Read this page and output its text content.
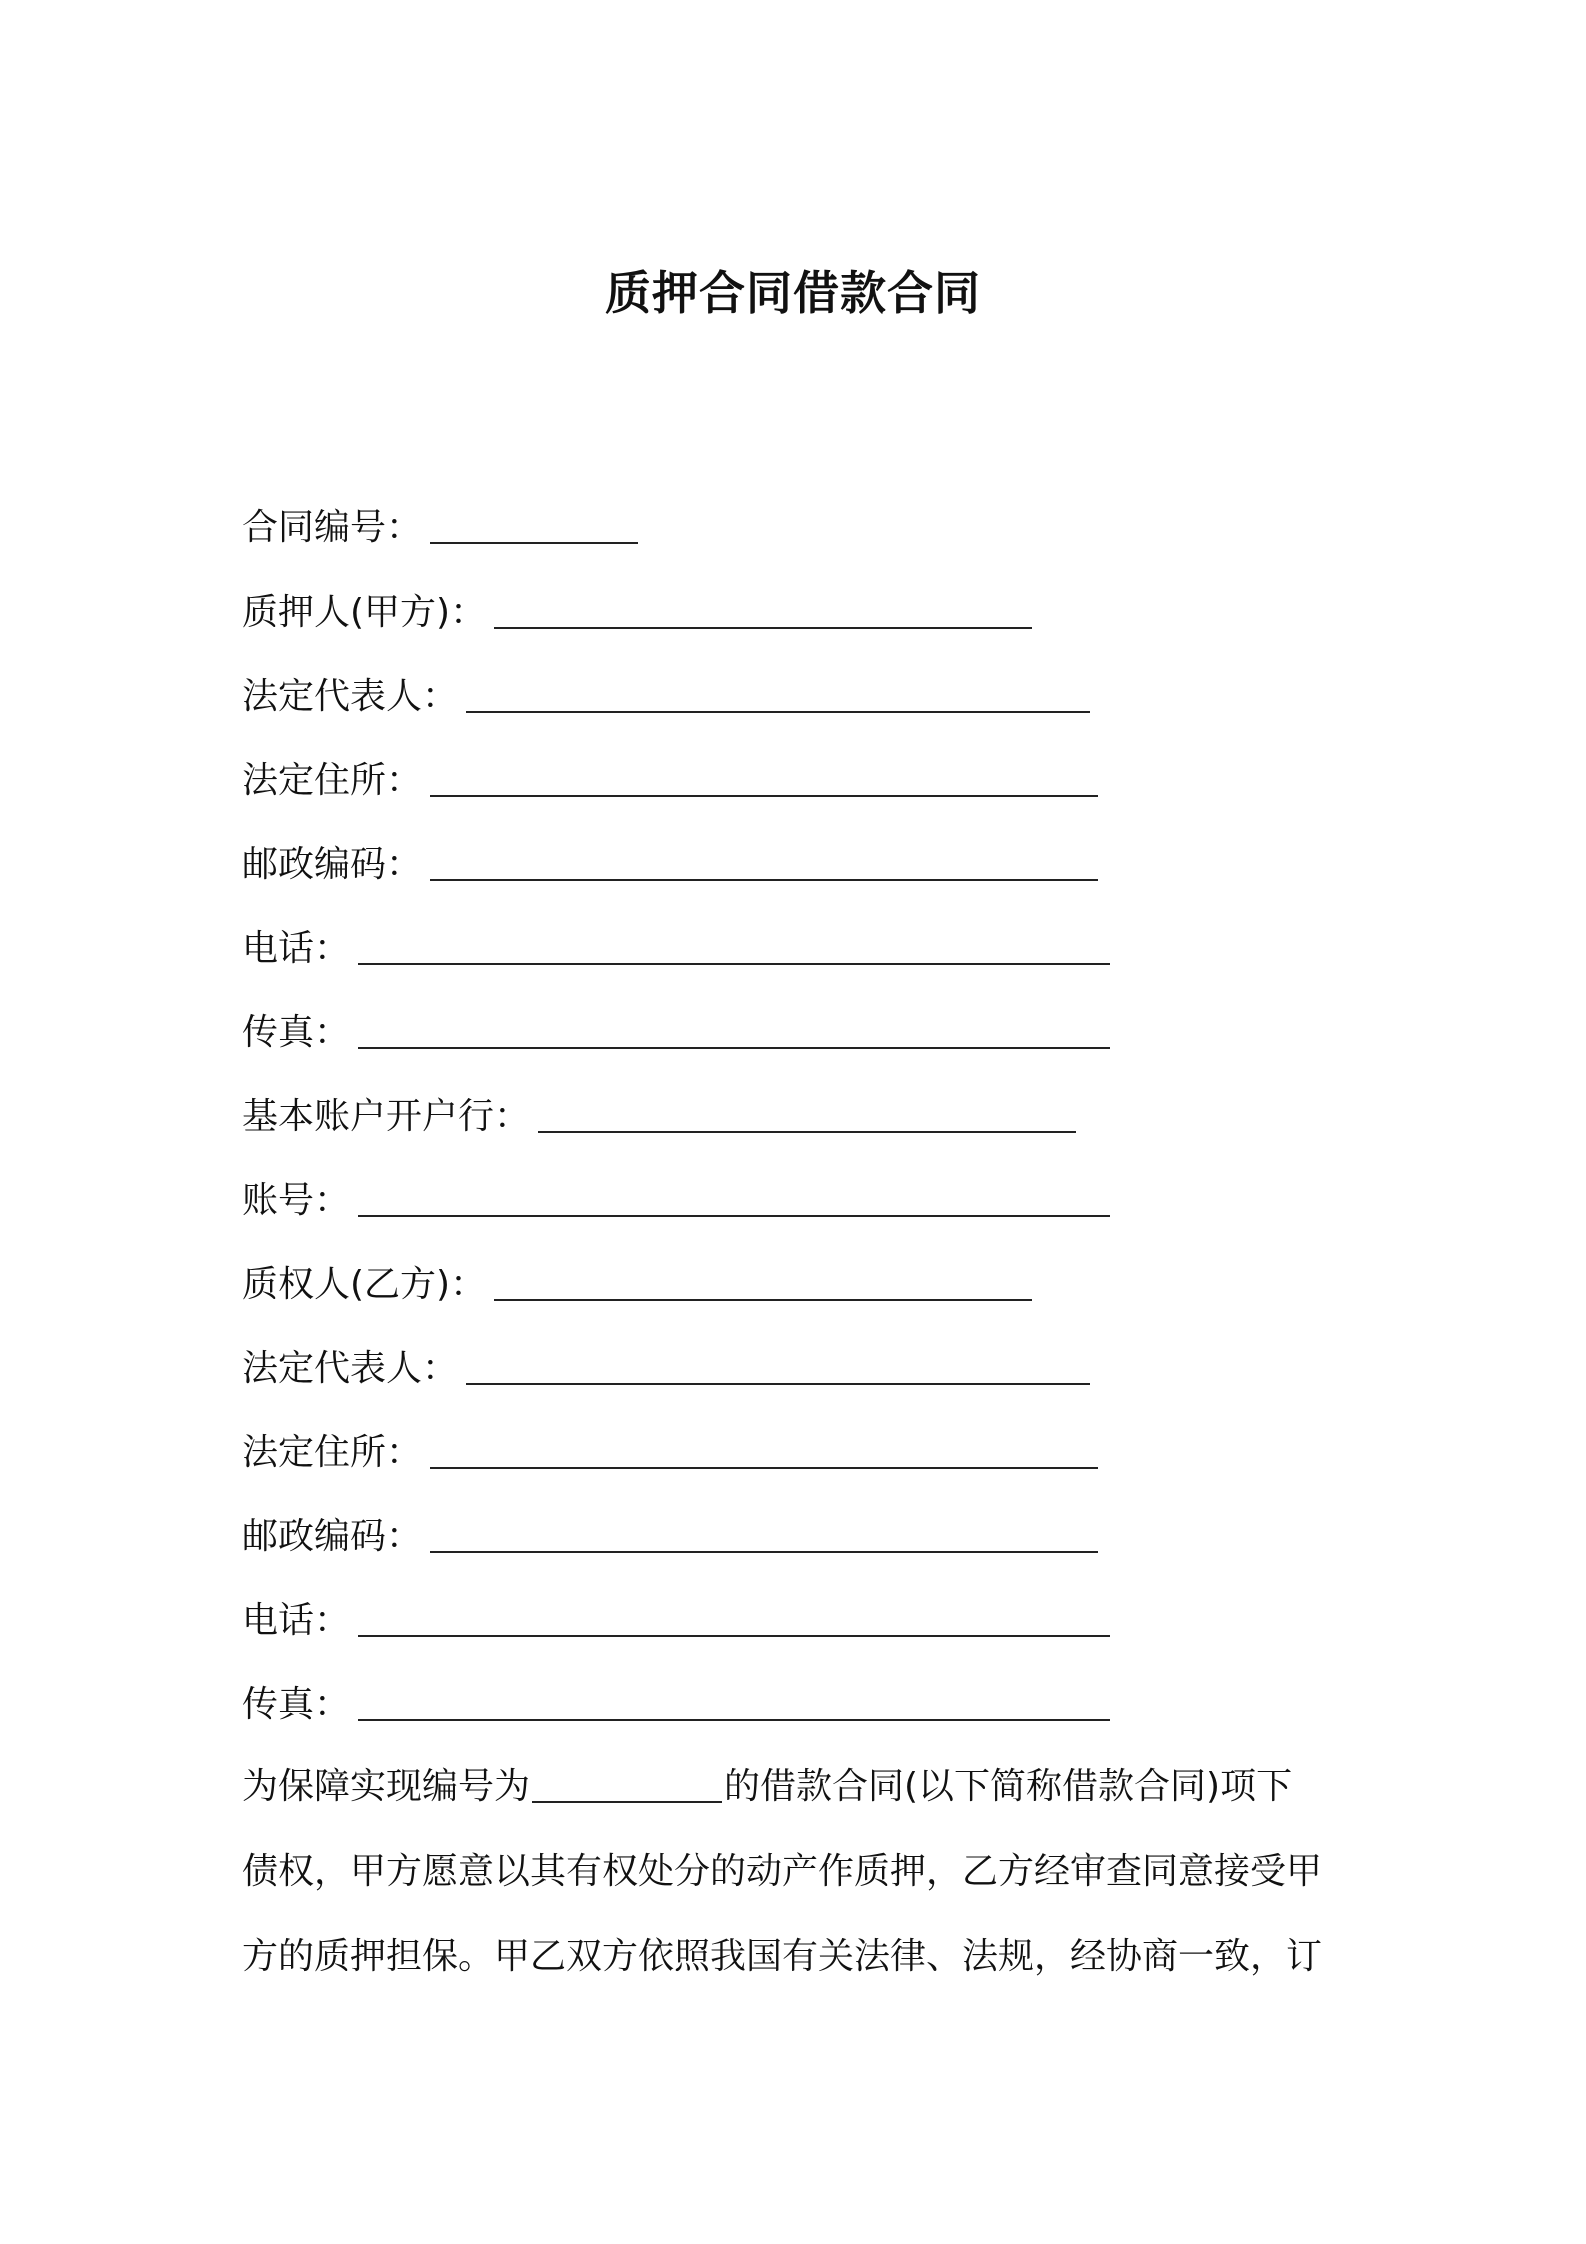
质押合同借款合同
合同编号：
质押人(甲方)：
法定代表人：
法定住所：
邮政编码：
电话：
传真：
基本账户开户行：
账号：
质权人(乙方)：
法定代表人：
法定住所：
邮政编码：
电话：
传真：
为保障实现编号为	的借款合同(以下简称借款合同)项下
债权，甲方愿意以其有权处分的动产作质押，乙方经审查同意接受甲
方的质押担保。甲乙双方依照我国有关法律、法规，经协商一致，订
